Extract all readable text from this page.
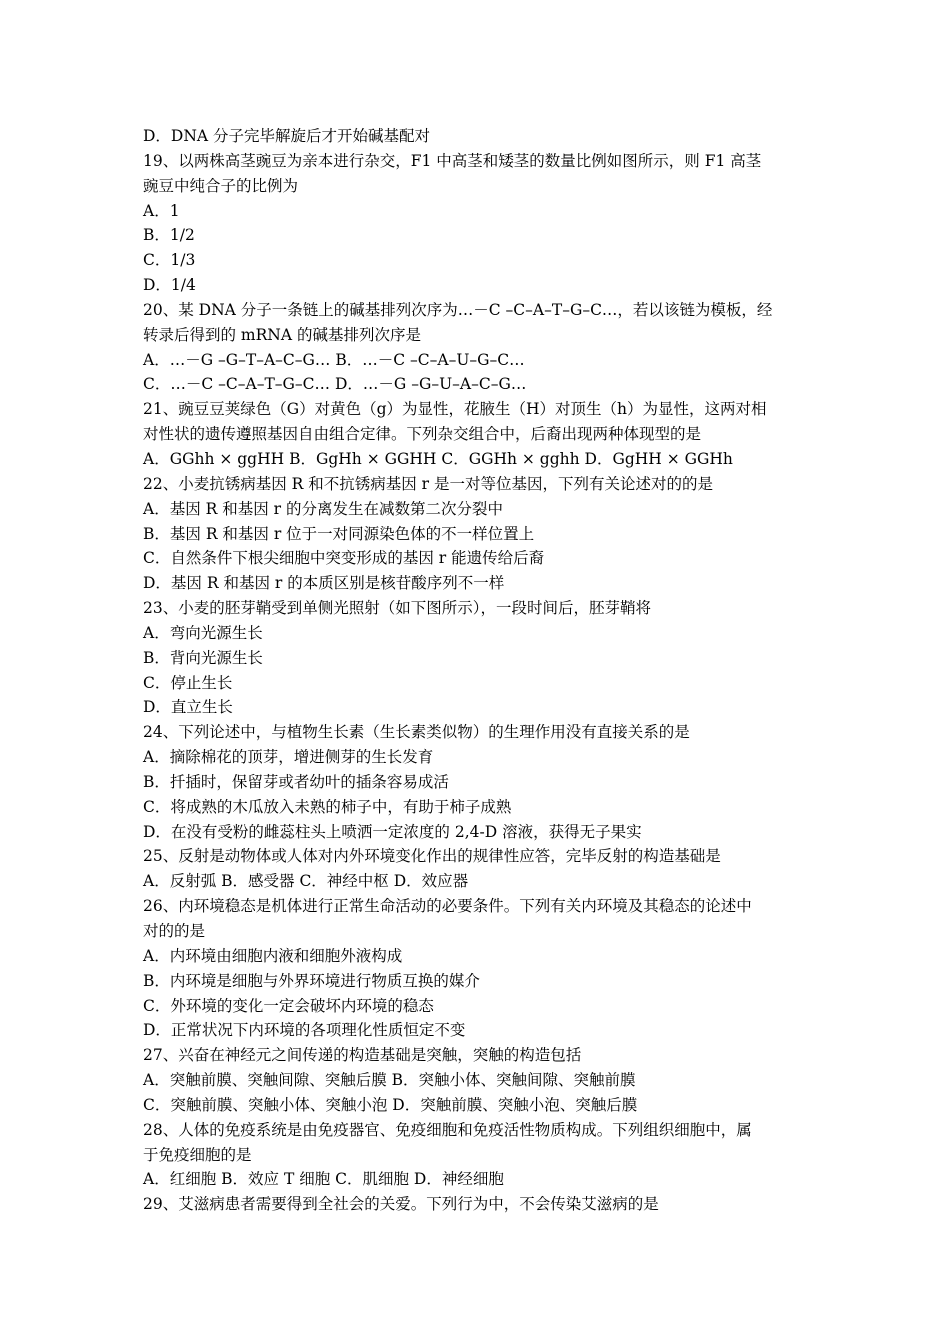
D．DNA 分子完毕解旋后才开始碱基配对
19、以两株高茎豌豆为亲本进行杂交，F1 中高茎和矮茎的数量比例如图所示，则 F1 高茎
豌豆中纯合子的比例为
A．1
B．1/2
C．1/3
D．1/4
20、某 DNA 分子一条链上的碱基排列次序为…－C –C–A–T–G–C…，若以该链为模板，经
转录后得到的 mRNA 的碱基排列次序是
A．…－G –G–T–A–C–G… B．…－C –C–A–U–G–C…
C．…－C –C–A–T–G–C… D．…－G –G–U–A–C–G…
21、豌豆豆荚绿色（G）对黄色（g）为显性，花腋生（H）对顶生（h）为显性，这两对相
对性状的遗传遵照基因自由组合定律。下列杂交组合中，后裔出现两种体现型的是
A．GGhh × ggHH B．GgHh × GGHH C．GGHh × gghh D．GgHH × GGHh
22、小麦抗锈病基因 R 和不抗锈病基因 r 是一对等位基因，下列有关论述对的的是
A．基因 R 和基因 r 的分离发生在减数第二次分裂中
B．基因 R 和基因 r 位于一对同源染色体的不一样位置上
C．自然条件下根尖细胞中突变形成的基因 r 能遗传给后裔
D．基因 R 和基因 r 的本质区别是核苷酸序列不一样
23、小麦的胚芽鞘受到单侧光照射（如下图所示），一段时间后，胚芽鞘将
A．弯向光源生长
B．背向光源生长
C．停止生长
D．直立生长
24、下列论述中，与植物生长素（生长素类似物）的生理作用没有直接关系的是
A．摘除棉花的顶芽，增进侧芽的生长发育
B．扦插时，保留芽或者幼叶的插条容易成活
C．将成熟的木瓜放入未熟的柿子中，有助于柿子成熟
D．在没有受粉的雌蕊柱头上喷洒一定浓度的 2,4-D 溶液，获得无子果实
25、反射是动物体或人体对内外环境变化作出的规律性应答，完毕反射的构造基础是
A．反射弧 B．感受器 C．神经中枢 D．效应器
26、内环境稳态是机体进行正常生命活动的必要条件。下列有关内环境及其稳态的论述中
对的的是
A．内环境由细胞内液和细胞外液构成
B．内环境是细胞与外界环境进行物质互换的媒介
C．外环境的变化一定会破坏内环境的稳态
D．正常状况下内环境的各项理化性质恒定不变
27、兴奋在神经元之间传递的构造基础是突触，突触的构造包括
A．突触前膜、突触间隙、突触后膜 B．突触小体、突触间隙、突触前膜
C．突触前膜、突触小体、突触小泡 D．突触前膜、突触小泡、突触后膜
28、人体的免疫系统是由免疫器官、免疫细胞和免疫活性物质构成。下列组织细胞中，属
于免疫细胞的是
A．红细胞 B．效应 T 细胞 C．肌细胞 D．神经细胞
29、艾滋病患者需要得到全社会的关爱。下列行为中，不会传染艾滋病的是
